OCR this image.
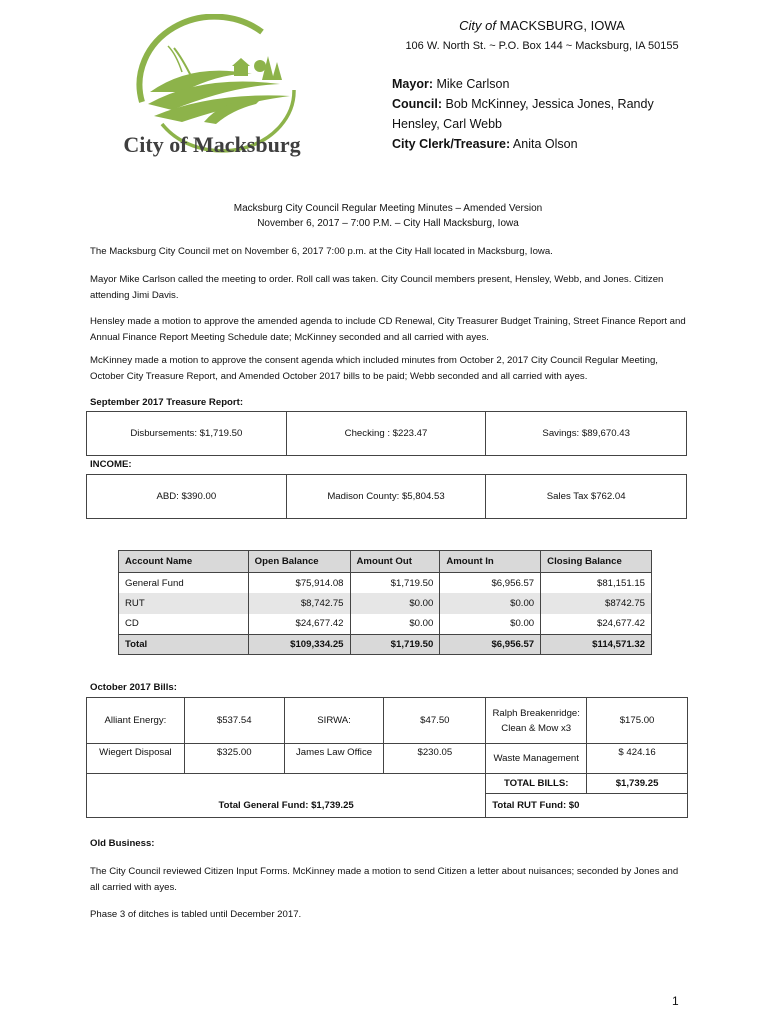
City of MACKSBURG, IOWA
106 W. North St. ~ P.O. Box 144 ~ Macksburg, IA 50155
City of Macksburg
Mayor: Mike Carlson
Council: Bob McKinney, Jessica Jones, Randy Hensley, Carl Webb
City Clerk/Treasure: Anita Olson
Macksburg City Council Regular Meeting Minutes – Amended Version
November 6, 2017 – 7:00 P.M. – City Hall Macksburg, Iowa
The Macksburg City Council met on November 6, 2017 7:00 p.m. at the City Hall located in Macksburg, Iowa.
Mayor Mike Carlson called the meeting to order. Roll call was taken. City Council members present, Hensley, Webb, and Jones. Citizen attending Jimi Davis.
Hensley made a motion to approve the amended agenda to include CD Renewal, City Treasurer Budget Training, Street Finance Report and Annual Finance Report Meeting Schedule date; McKinney seconded and all carried with ayes.
McKinney made a motion to approve the consent agenda which included minutes from October 2, 2017 City Council Regular Meeting, October City Treasure Report, and Amended October 2017 bills to be paid; Webb seconded and all carried with ayes.
September 2017 Treasure Report:
Disbursements: $1,719.50	Checking : $223.47	Savings: $89,670.43
INCOME:
ABD: $390.00	Madison County: $5,804.53	Sales Tax $762.04
Account Name	Open Balance	Amount Out	Amount In	Closing Balance
General Fund	$75,914.08	$1,719.50	$6,956.57	$81,151.15
RUT	$8,742.75	$0.00	$0.00	$8742.75
CD	$24,677.42	$0.00	$0.00	$24,677.42
Total	$109,334.25	$1,719.50	$6,956.57	$114,571.32
October 2017 Bills:
Alliant Energy:	$537.54	SIRWA:	$47.50	Ralph Breakenridge: Clean & Mow x3	$175.00
Wiegert Disposal	$325.00	James Law Office	$230.05	Waste Management	$ 424.16
				TOTAL BILLS:	$1,739.25
Total General Fund: $1,739.25				Total RUT Fund: $0	
Old Business:
The City Council reviewed Citizen Input Forms. McKinney made a motion to send Citizen a letter about nuisances; seconded by Jones and all carried with ayes.
Phase 3 of ditches is tabled until December 2017.
1
